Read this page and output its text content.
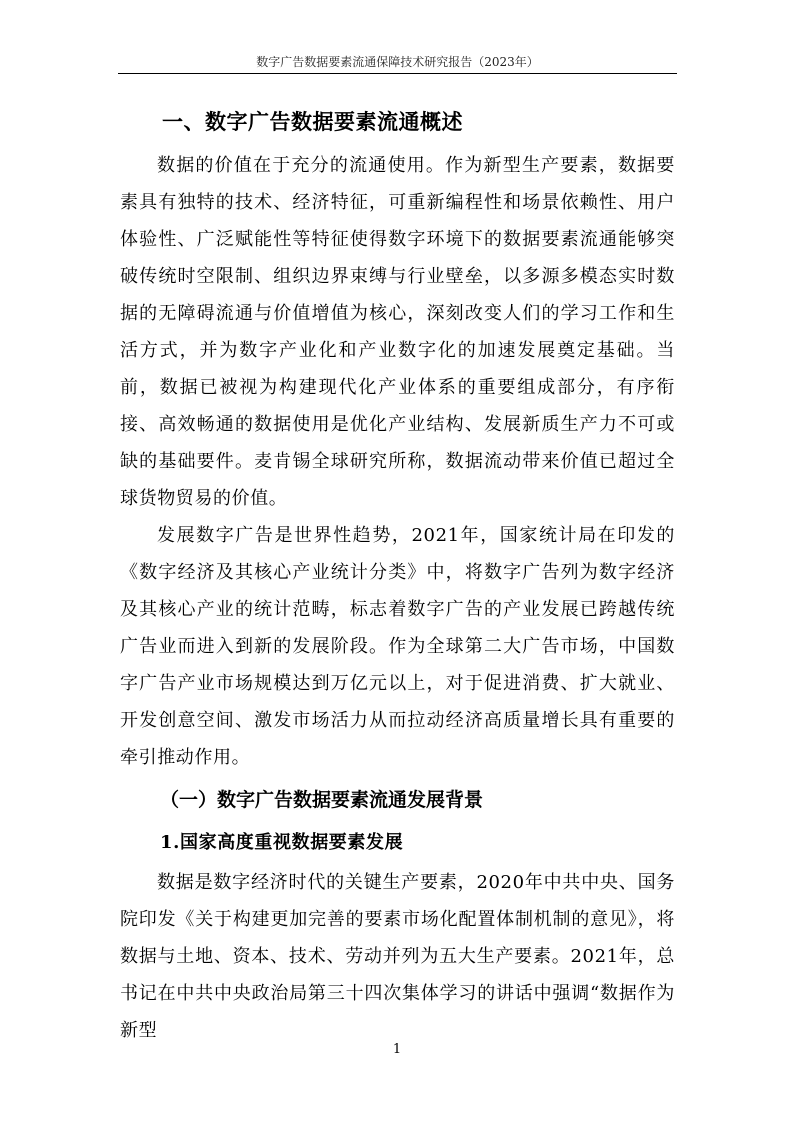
数字广告数据要素流通保障技术研究报告（2023年）
一、数字广告数据要素流通概述

数据的价值在于充分的流通使用。作为新型生产要素，数据要素具有独特的技术、经济特征，可重新编程性和场景依赖性、用户体验性、广泛赋能性等特征使得数字环境下的数据要素流通能够突破传统时空限制、组织边界束缚与行业壁垒，以多源多模态实时数据的无障碍流通与价值增值为核心，深刻改变人们的学习工作和生活方式，并为数字产业化和产业数字化的加速发展奠定基础。当前，数据已被视为构建现代化产业体系的重要组成部分，有序衔接、高效畅通的数据使用是优化产业结构、发展新质生产力不可或缺的基础要件。麦肯锡全球研究所称，数据流动带来价值已超过全球货物贸易的价值。

发展数字广告是世界性趋势，2021年，国家统计局在印发的《数字经济及其核心产业统计分类》中，将数字广告列为数字经济及其核心产业的统计范畴，标志着数字广告的产业发展已跨越传统广告业而进入到新的发展阶段。作为全球第二大广告市场，中国数字广告产业市场规模达到万亿元以上，对于促进消费、扩大就业、开发创意空间、激发市场活力从而拉动经济高质量增长具有重要的牵引推动作用。

（一）数字广告数据要素流通发展背景
1.国家高度重视数据要素发展

数据是数字经济时代的关键生产要素，2020年中共中央、国务院印发《关于构建更加完善的要素市场化配置体制机制的意见》，将数据与土地、资本、技术、劳动并列为五大生产要素。2021年，总书记在中共中央政治局第三十四次集体学习的讲话中强调“数据作为新型

1
